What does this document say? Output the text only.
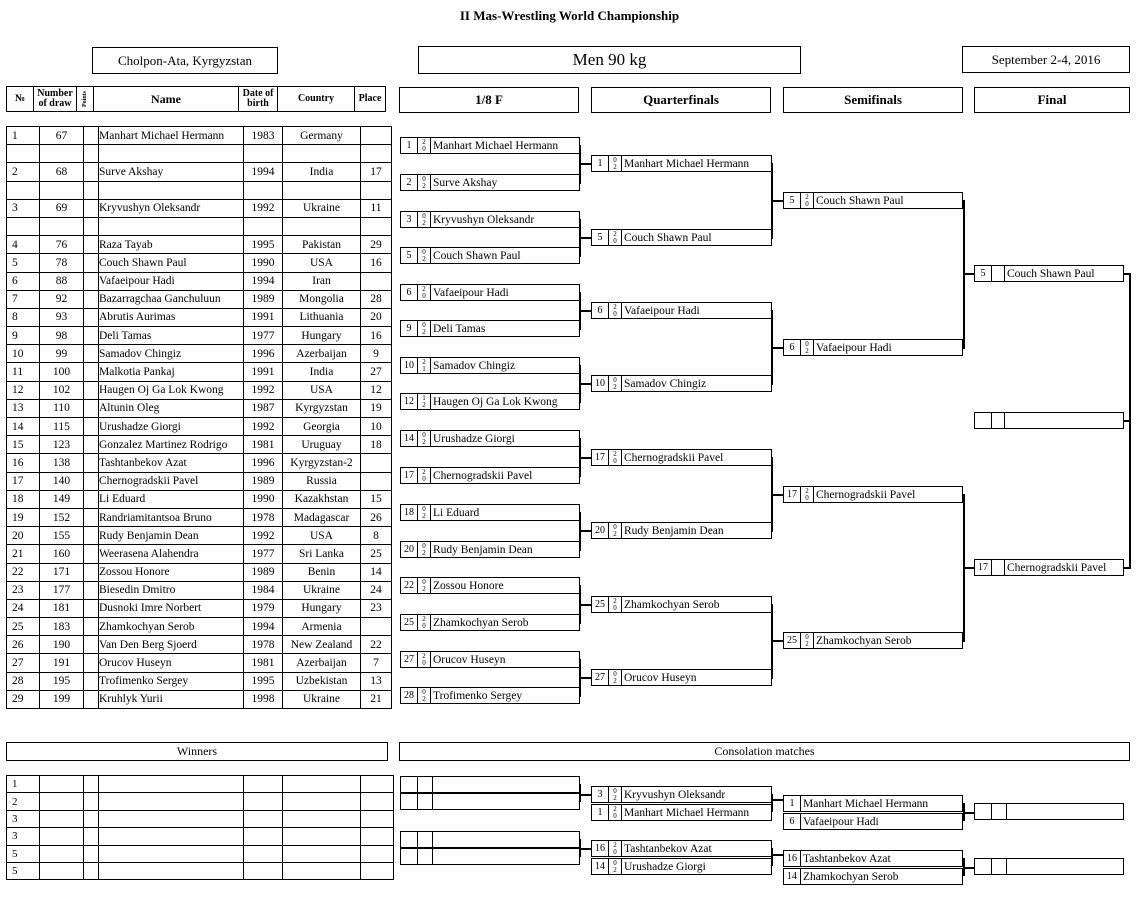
II Mas-Wrestling World Championship
Cholpon-Ata, Kyrgyzstan	Men 90 kg	September 2-4, 2016
№	Number of draw	Points	Name	Date of birth	Country	Place
1	67		Manhart Michael Hermann	1983	Germany	

2	68		Surve Akshay	1994	India	17

3	69		Kryvushyn Oleksandr	1992	Ukraine	11

4	76		Raza Tayab	1995	Pakistan	29
5	78		Couch Shawn Paul	1990	USA	16
6	88		Vafaeipour Hadi	1994	Iran	
7	92		Bazarragchaa Ganchuluun	1989	Mongolia	28
8	93		Abrutis Aurimas	1991	Lithuania	20
9	98		Deli Tamas	1977	Hungary	16
10	99		Samadov Chingiz	1996	Azerbaijan	9
11	100		Malkotia Pankaj	1991	India	27
12	102		Haugen Oj Ga Lok Kwong	1992	USA	12
13	110		Altunin Oleg	1987	Kyrgyzstan	19
14	115		Urushadze Giorgi	1992	Georgia	10
15	123		Gonzalez Martinez Rodrigo	1981	Uruguay	18
16	138		Tashtanbekov Azat	1996	Kyrgyzstan-2	
17	140		Chernogradskii Pavel	1989	Russia	
18	149		Li Eduard	1990	Kazakhstan	15
19	152		Randriamitantsoa Bruno	1978	Madagascar	26
20	155		Rudy Benjamin Dean	1992	USA	8
21	160		Weerasena Alahendra	1977	Sri Lanka	25
22	171		Zossou Honore	1989	Benin	14
23	177		Biesedin Dmitro	1984	Ukraine	24
24	181		Dusnoki Imre Norbert	1979	Hungary	23
25	183		Zhamkochyan Serob	1994	Armenia	
26	190		Van Den Berg Sjoerd	1978	New Zealand	22
27	191		Orucov Huseyn	1981	Azerbaijan	7
28	195		Trofimenko Sergey	1995	Uzbekistan	13
29	199		Kruhlyk Yurii	1998	Ukraine	21
1/8 F	Quarterfinals	Semifinals	Final
1	2
0 Manhart Michael Hermann
2	0
2 Surve Akshay
3	0
2 Kryvushyn Oleksandr
5	0
2 Couch Shawn Paul
6	2
0 Vafaeipour Hadi
9	0
2 Deli Tamas
10	2
1 Samadov Chingiz
12	1
2 Haugen Oj Ga Lok Kwong
14	0
2 Urushadze Giorgi
17	2
0 Chernogradskii Pavel
18	0
2 Li Eduard
20	0
2 Rudy Benjamin Dean
22	0
2 Zossou Honore
25	2
0 Zhamkochyan Serob
27	2
0 Orucov Huseyn
28	0
2 Trofimenko Sergey
1	0
2 Manhart Michael Hermann
5	2
0 Couch Shawn Paul
6	2
0 Vafaeipour Hadi
10	0
2 Samadov Chingiz
17	2
0 Chernogradskii Pavel
20	0
2 Rudy Benjamin Dean
25	2
0 Zhamkochyan Serob
27	0
2 Orucov Huseyn
5	2
0 Couch Shawn Paul
6	0
2 Vafaeipour Hadi
17	2
0 Chernogradskii Pavel
25	0
2 Zhamkochyan Serob
5	Couch Shawn Paul
17	Chernogradskii Pavel
3	0
2 Kryvushyn Oleksandr
1	2
0 Manhart Michael Hermann
16	2
0 Tashtanbekov Azat
14	0
2 Urushadze Giorgi
1 Manhart Michael Hermann
6 Vafaeipour Hadi
16 Tashtanbekov Azat
14 Zhamkochyan Serob
Winners
1						
2						
3						
3						
5						
5						
Consolation matches
